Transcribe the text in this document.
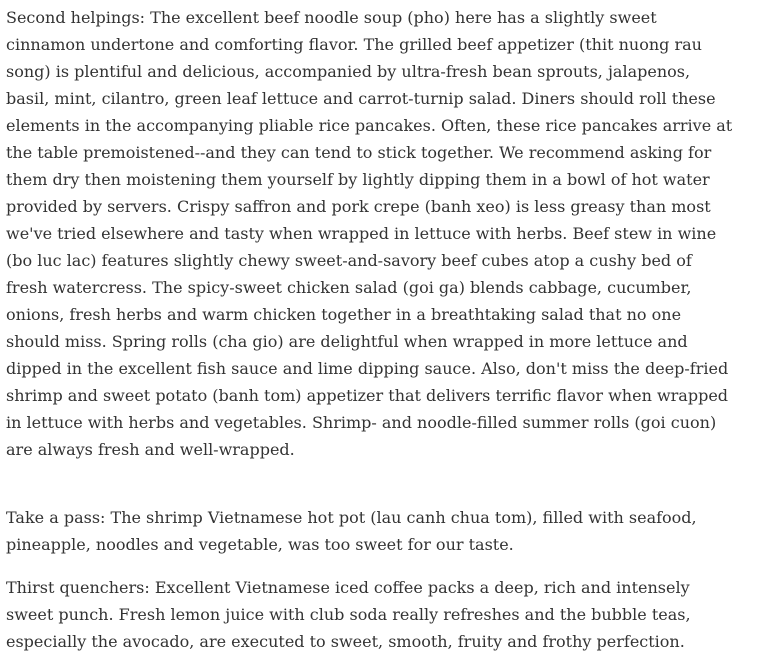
Second helpings: The excellent beef noodle soup (pho) here has a slightly sweet cinnamon undertone and comforting flavor. The grilled beef appetizer (thit nuong rau song) is plentiful and delicious, accompanied by ultra-fresh bean sprouts, jalapenos, basil, mint, cilantro, green leaf lettuce and carrot-turnip salad. Diners should roll these elements in the accompanying pliable rice pancakes. Often, these rice pancakes arrive at the table premoistened--and they can tend to stick together. We recommend asking for them dry then moistening them yourself by lightly dipping them in a bowl of hot water provided by servers. Crispy saffron and pork crepe (banh xeo) is less greasy than most we've tried elsewhere and tasty when wrapped in lettuce with herbs. Beef stew in wine (bo luc lac) features slightly chewy sweet-and-savory beef cubes atop a cushy bed of fresh watercress. The spicy-sweet chicken salad (goi ga) blends cabbage, cucumber, onions, fresh herbs and warm chicken together in a breathtaking salad that no one should miss. Spring rolls (cha gio) are delightful when wrapped in more lettuce and dipped in the excellent fish sauce and lime dipping sauce. Also, don't miss the deep-fried shrimp and sweet potato (banh tom) appetizer that delivers terrific flavor when wrapped in lettuce with herbs and vegetables. Shrimp- and noodle-filled summer rolls (goi cuon) are always fresh and well-wrapped.

Take a pass: The shrimp Vietnamese hot pot (lau canh chua tom), filled with seafood, pineapple, noodles and vegetable, was too sweet for our taste.

Thirst quenchers: Excellent Vietnamese iced coffee packs a deep, rich and intensely sweet punch. Fresh lemon juice with club soda really refreshes and the bubble teas, especially the avocado, are executed to sweet, smooth, fruity and frothy perfection.
